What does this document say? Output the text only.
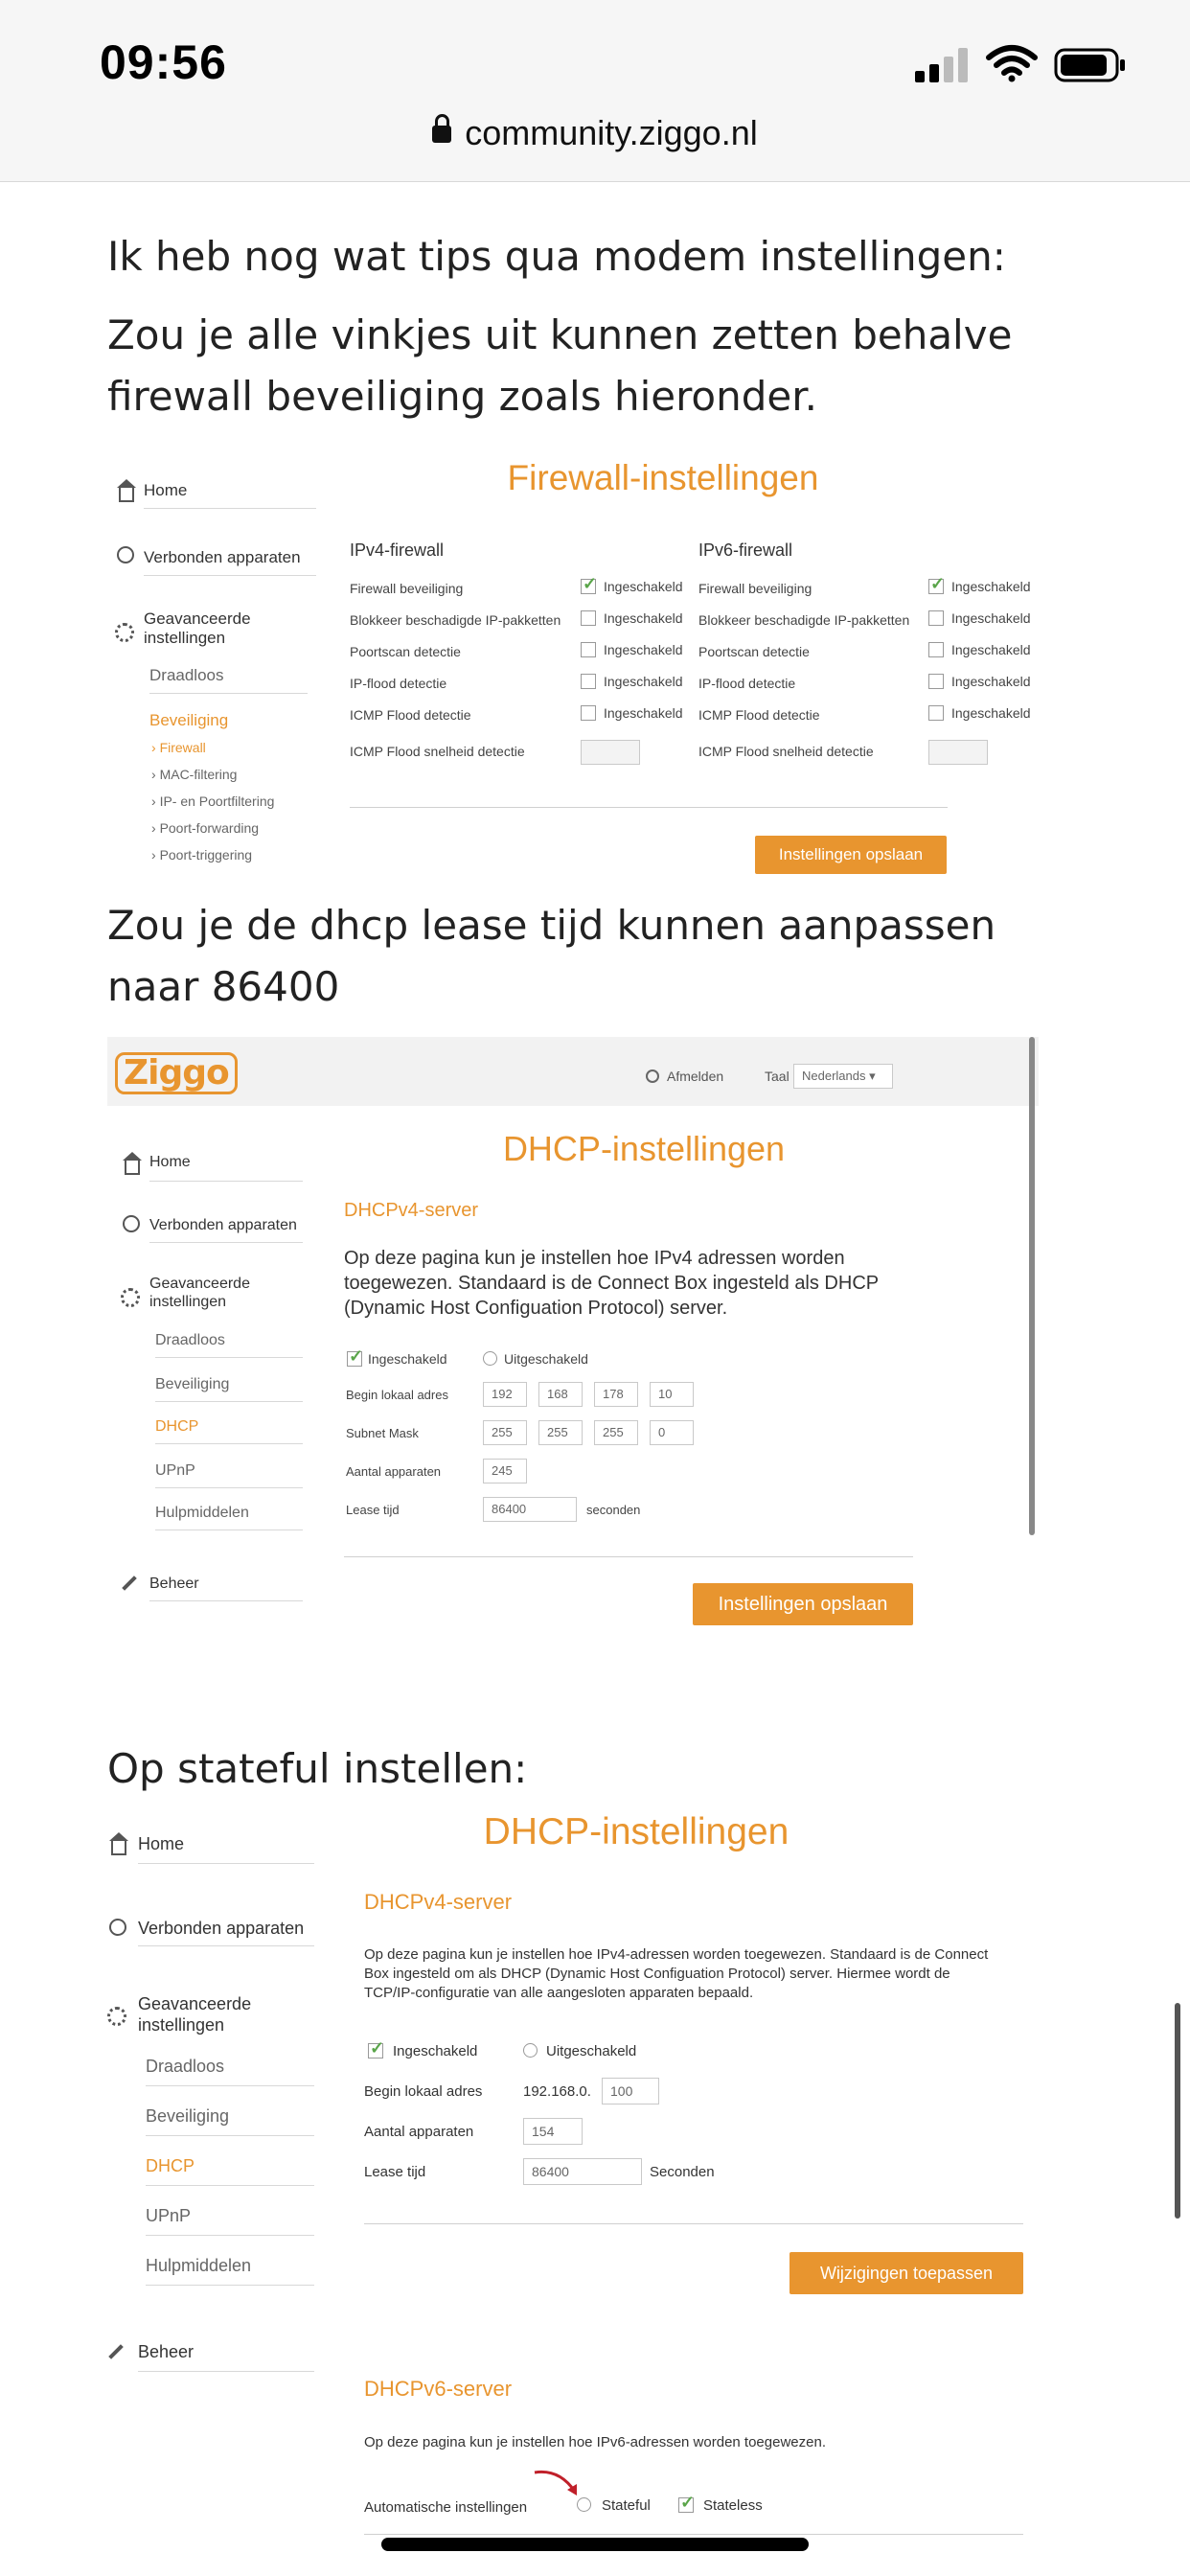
09:56
community.ziggo.nl
Ik heb nog wat tips qua modem instellingen:
Zou je alle vinkjes uit kunnen zetten behalve firewall beveiliging zoals hieronder.
Firewall-instellingen
Home
Verbonden apparaten
Geavanceerde instellingen
Draadloos
Beveiliging
› Firewall
› MAC-filtering
› IP- en Poortfiltering
› Poort-forwarding
› Poort-triggering
IPv4-firewall	IPv6-firewall
Firewall beveiliging ✓	Ingeschakeld
Blokkeer beschadigde IP-pakketten	Ingeschakeld
Poortscan detectie	Ingeschakeld
IP-flood detectie	Ingeschakeld
ICMP Flood detectie	Ingeschakeld
ICMP Flood snelheid detectie
Firewall beveiliging ✓	Ingeschakeld
Blokkeer beschadigde IP-pakketten	Ingeschakeld
Poortscan detectie	Ingeschakeld
IP-flood detectie	Ingeschakeld
ICMP Flood detectie	Ingeschakeld
ICMP Flood snelheid detectie
Instellingen opslaan
Zou je de dhcp lease tijd kunnen aanpassen naar 86400
Ziggo	Afmelden	Taal	Nederlands ▾
DHCP-instellingen
Home
Verbonden apparaten
Geavanceerde instellingen
Draadloos
Beveiliging
DHCP
UPnP
Hulpmiddelen
Beheer
DHCPv4-server
Op deze pagina kun je instellen hoe IPv4 adressen worden toegewezen. Standaard is de Connect Box ingesteld als DHCP (Dynamic Host Configuation Protocol) server.
✓
Ingeschakeld	Uitgeschakeld
Begin lokaal adres	192	168	178	10
Subnet Mask	255	255	255	0
Aantal apparaten	245
Lease tijd	86400	seconden
Instellingen opslaan
Op stateful instellen:
DHCP-instellingen
Home
Verbonden apparaten
Geavanceerde instellingen
Draadloos
Beveiliging
DHCP
UPnP
Hulpmiddelen
Beheer
DHCPv4-server
Op deze pagina kun je instellen hoe IPv4-adressen worden toegewezen. Standaard is de Connect Box ingesteld om als DHCP (Dynamic Host Configuation Protocol) server. Hiermee wordt de TCP/IP-configuratie van alle aangesloten apparaten bepaald.
✓
Ingeschakeld	Uitgeschakeld
Begin lokaal adres	192.168.0.	100
Aantal apparaten	154
Lease tijd	86400	Seconden
Wijzigingen toepassen
DHCPv6-server
Op deze pagina kun je instellen hoe IPv6-adressen worden toegewezen.
Automatische instellingen	Stateful ✓	Stateless
